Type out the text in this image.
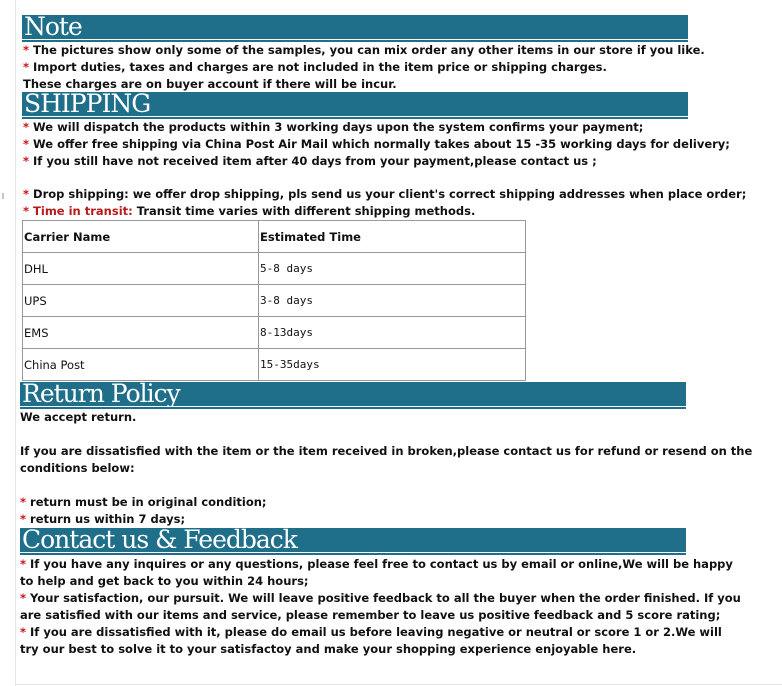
Note
* The pictures show only some of the samples, you can mix order any other items in our store if you like.
* Import duties, taxes and charges are not included in the item price or shipping charges.
These charges are on buyer account if there will be incur.
SHIPPING
* We will dispatch the products within 3 working days upon the system confirms your payment;
* We offer free shipping via China Post Air Mail which normally takes about 15 -35 working days for delivery;
* If you still have not received item after 40 days from your payment,please contact us ;
* Drop shipping: we offer drop shipping, pls send us your client's correct shipping addresses when place order;
* Time in transit: Transit time varies with different shipping methods.
Carrier Name	Estimated Time
DHL	5-8 days
UPS	3-8 days
EMS	8-13days
China Post	15-35days
Return Policy
We accept return.
If you are dissatisfied with the item or the item received in broken,please contact us for refund or resend on the
conditions below:
* return must be in original condition;
* return us within 7 days;
Contact us & Feedback
* If you have any inquires or any questions, please feel free to contact us by email or online,We will be happy
to help and get back to you within 24 hours;
* Your satisfaction, our pursuit. We will leave positive feedback to all the buyer when the order finished. If you
are satisfied with our items and service, please remember to leave us positive feedback and 5 score rating;
* If you are dissatisfied with it, please do email us before leaving negative or neutral or score 1 or 2.We will
try our best to solve it to your satisfactoy and make your shopping experience enjoyable here.
